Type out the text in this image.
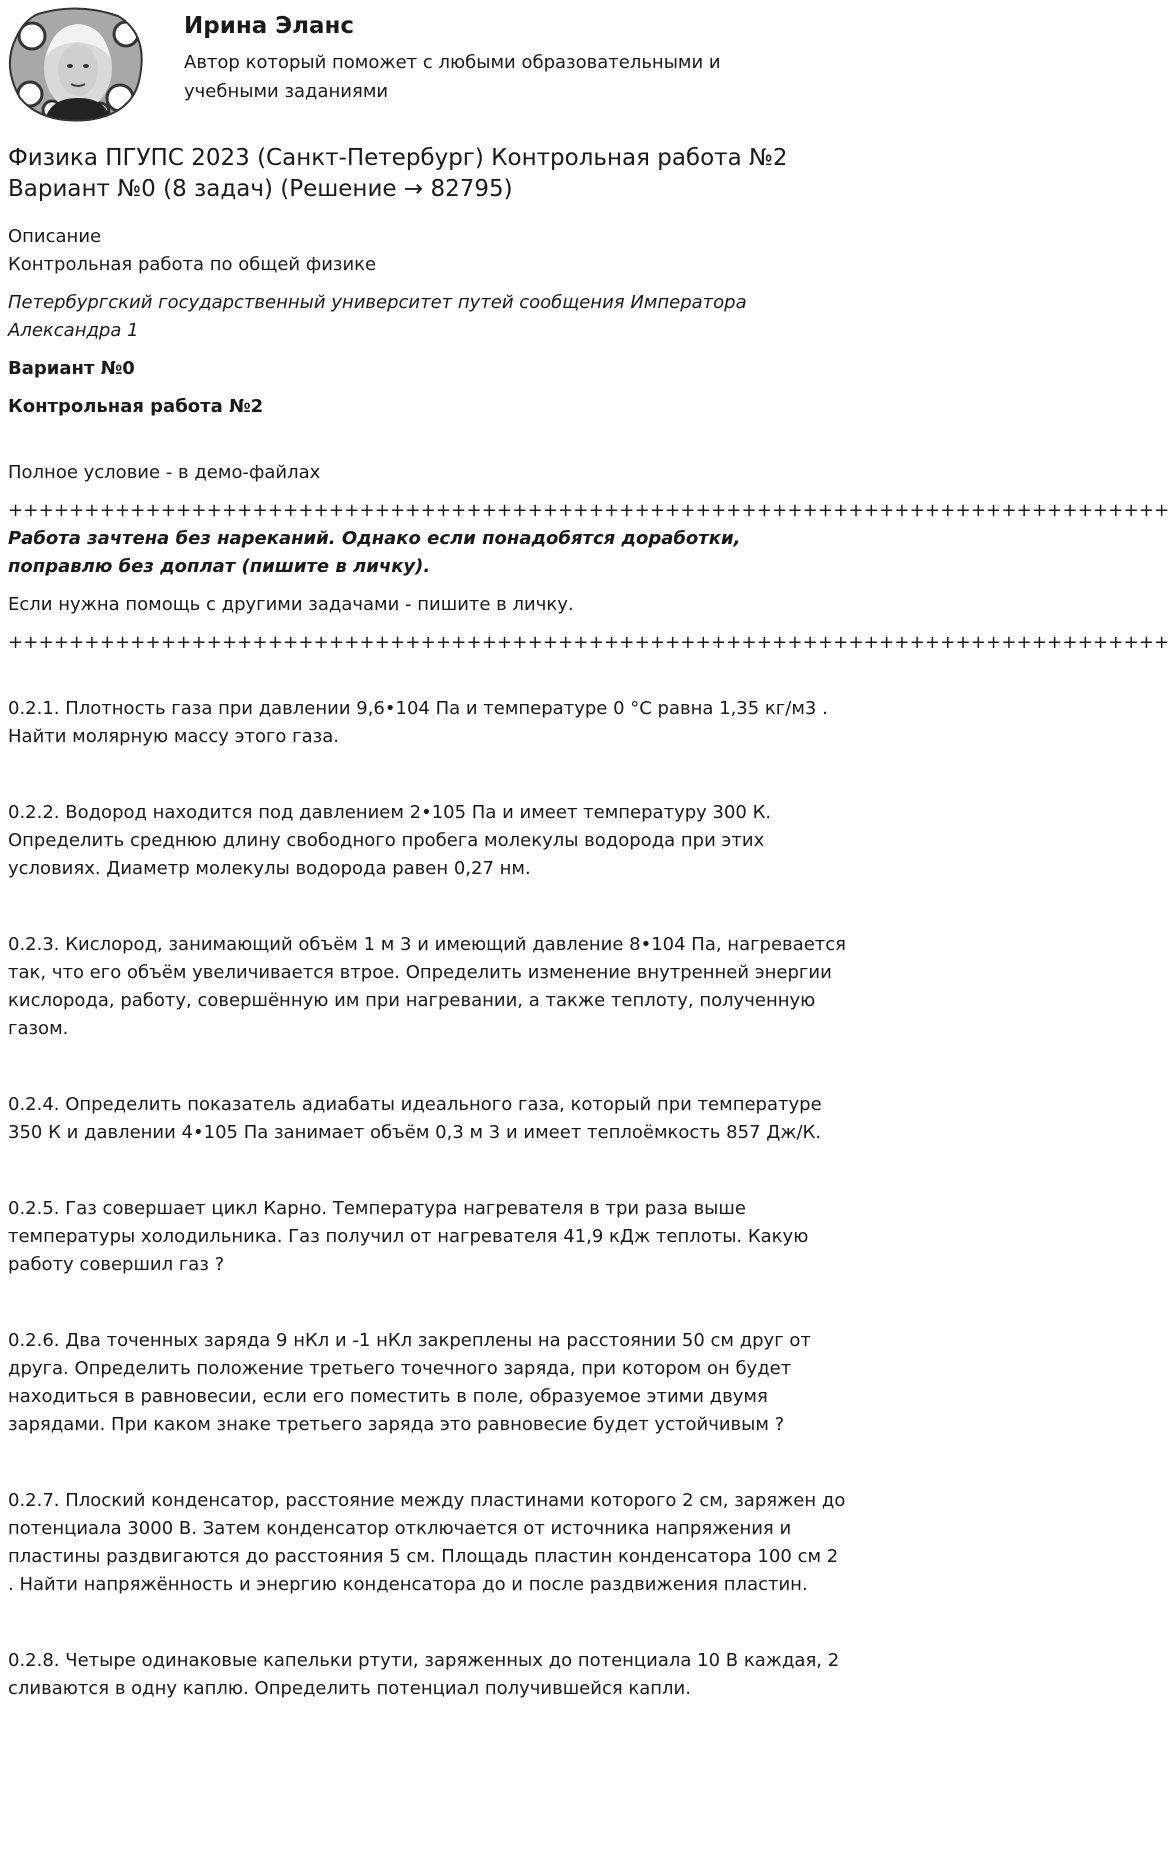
Ирина Эланс
Автор который поможет с любыми образовательными и учебными заданиями
Физика ПГУПС 2023 (Санкт-Петербург) Контрольная работа №2 Вариант №0 (8 задач) (Решение → 82795)

Описание

Контрольная работа по общей физике

Петербургский государственный университет путей сообщения Императора Александра 1

Вариант №0

Контрольная работа №2

Полное условие - в демо-файлах

++++++++++++++++++++++++++++++++++++++++++++++++++++++++++++++++++++++++++++

Работа зачтена без нареканий. Однако если понадобятся доработки, поправлю без доплат (пишите в личку).

Если нужна помощь с другими задачами - пишите в личку.

++++++++++++++++++++++++++++++++++++++++++++++++++++++++++++++++++++++++++++

0.2.1. Плотность газа при давлении 9,6•104 Па и температуре 0 °С равна 1,35 кг/м3 . Найти молярную массу этого газа.

0.2.2. Водород находится под давлением 2•105 Па и имеет температуру 300 К. Определить среднюю длину свободного пробега молекулы водорода при этих условиях. Диаметр молекулы водорода равен 0,27 нм.

0.2.3. Кислород, занимающий объём 1 м 3 и имеющий давление 8•104 Па, нагревается так, что его объём увеличивается втрое. Определить изменение внутренней энергии кислорода, работу, совершённую им при нагревании, а также теплоту, полученную газом.

0.2.4. Определить показатель адиабаты идеального газа, который при температуре 350 К и давлении 4•105 Па занимает объём 0,3 м 3 и имеет теплоёмкость 857 Дж/К.

0.2.5. Газ совершает цикл Карно. Температура нагревателя в три раза выше температуры холодильника. Газ получил от нагревателя 41,9 кДж теплоты. Какую работу совершил газ ?

0.2.6. Два точенных заряда 9 нКл и -1 нКл закреплены на расстоянии 50 см друг от друга. Определить положение третьего точечного заряда, при котором он будет находиться в равновесии, если его поместить в поле, образуемое этими двумя зарядами. При каком знаке третьего заряда это равновесие будет устойчивым ?

0.2.7. Плоский конденсатор, расстояние между пластинами которого 2 см, заряжен до потенциала 3000 В. Затем конденсатор отключается от источника напряжения и пластины раздвигаются до расстояния 5 см. Площадь пластин конденсатора 100 см 2 . Найти напряжённость и энергию конденсатора до и после раздвижения пластин.

0.2.8. Четыре одинаковые капельки ртути, заряженных до потенциала 10 В каждая, 2 сливаются в одну каплю. Определить потенциал получившейся капли.
